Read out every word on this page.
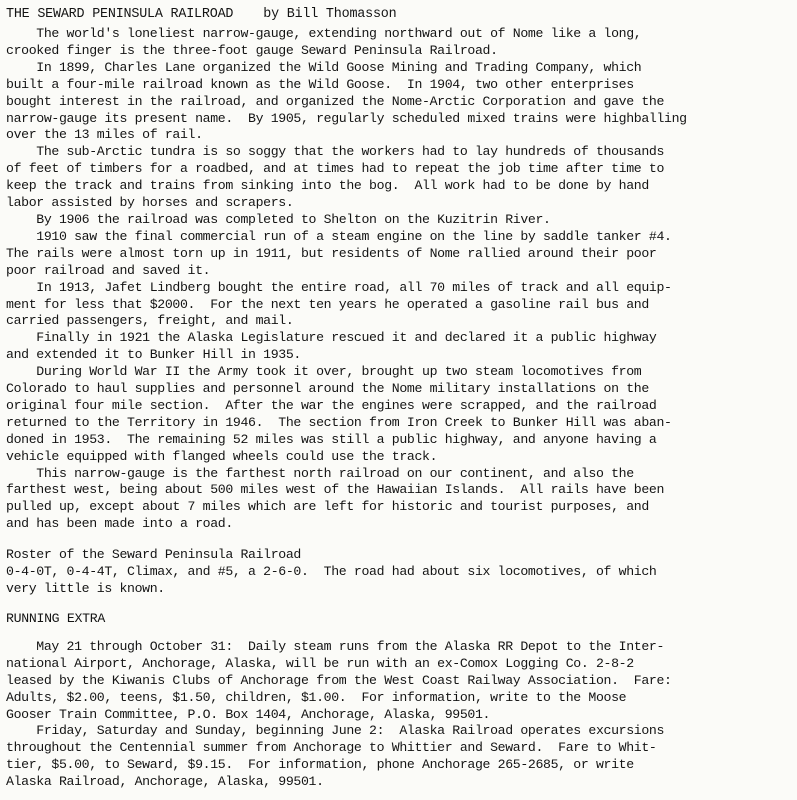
THE SEWARD PENINSULA RAILROAD by Bill Thomasson

The world's loneliest narrow-gauge, extending northward out of Nome like a long,
crooked finger is the three-foot gauge Seward Peninsula Railroad.

In 1899, Charles Lane organized the Wild Goose Mining and Trading Company, which
built a four-mile railroad known as the Wild Goose.  In 1904, two other enterprises
bought interest in the railroad, and organized the Nome-Arctic Corporation and gave the
narrow-gauge its present name.  By 1905, regularly scheduled mixed trains were highballing
over the 13 miles of rail.

The sub-Arctic tundra is so soggy that the workers had to lay hundreds of thousands
of feet of timbers for a roadbed, and at times had to repeat the job time after time to
keep the track and trains from sinking into the bog.  All work had to be done by hand
labor assisted by horses and scrapers.

By 1906 the railroad was completed to Shelton on the Kuzitrin River.

1910 saw the final commercial run of a steam engine on the line by saddle tanker #4.
The rails were almost torn up in 1911, but residents of Nome rallied around their poor
poor railroad and saved it.

In 1913, Jafet Lindberg bought the entire road, all 70 miles of track and all equip-
ment for less that $2000.  For the next ten years he operated a gasoline rail bus and
carried passengers, freight, and mail.

Finally in 1921 the Alaska Legislature rescued it and declared it a public highway
and extended it to Bunker Hill in 1935.

During World War II the Army took it over, brought up two steam locomotives from
Colorado to haul supplies and personnel around the Nome military installations on the
original four mile section.  After the war the engines were scrapped, and the railroad
returned to the Territory in 1946.  The section from Iron Creek to Bunker Hill was aban-
doned in 1953.  The remaining 52 miles was still a public highway, and anyone having a
vehicle equipped with flanged wheels could use the track.

This narrow-gauge is the farthest north railroad on our continent, and also the
farthest west, being about 500 miles west of the Hawaiian Islands.  All rails have been
pulled up, except about 7 miles which are left for historic and tourist purposes, and
and has been made into a road.

Roster of the Seward Peninsula Railroad
0-4-0T, 0-4-4T, Climax, and #5, a 2-6-0.  The road had about six locomotives, of which
very little is known.

RUNNING EXTRA

May 21 through October 31:  Daily steam runs from the Alaska RR Depot to the Inter-
national Airport, Anchorage, Alaska, will be run with an ex-Comox Logging Co. 2-8-2
leased by the Kiwanis Clubs of Anchorage from the West Coast Railway Association.  Fare:
Adults, $2.00, teens, $1.50, children, $1.00.  For information, write to the Moose
Gooser Train Committee, P.O. Box 1404, Anchorage, Alaska, 99501.

Friday, Saturday and Sunday, beginning June 2:  Alaska Railroad operates excursions
throughout the Centennial summer from Anchorage to Whittier and Seward.  Fare to Whit-
tier, $5.00, to Seward, $9.15.  For information, phone Anchorage 265-2685, or write
Alaska Railroad, Anchorage, Alaska, 99501.
